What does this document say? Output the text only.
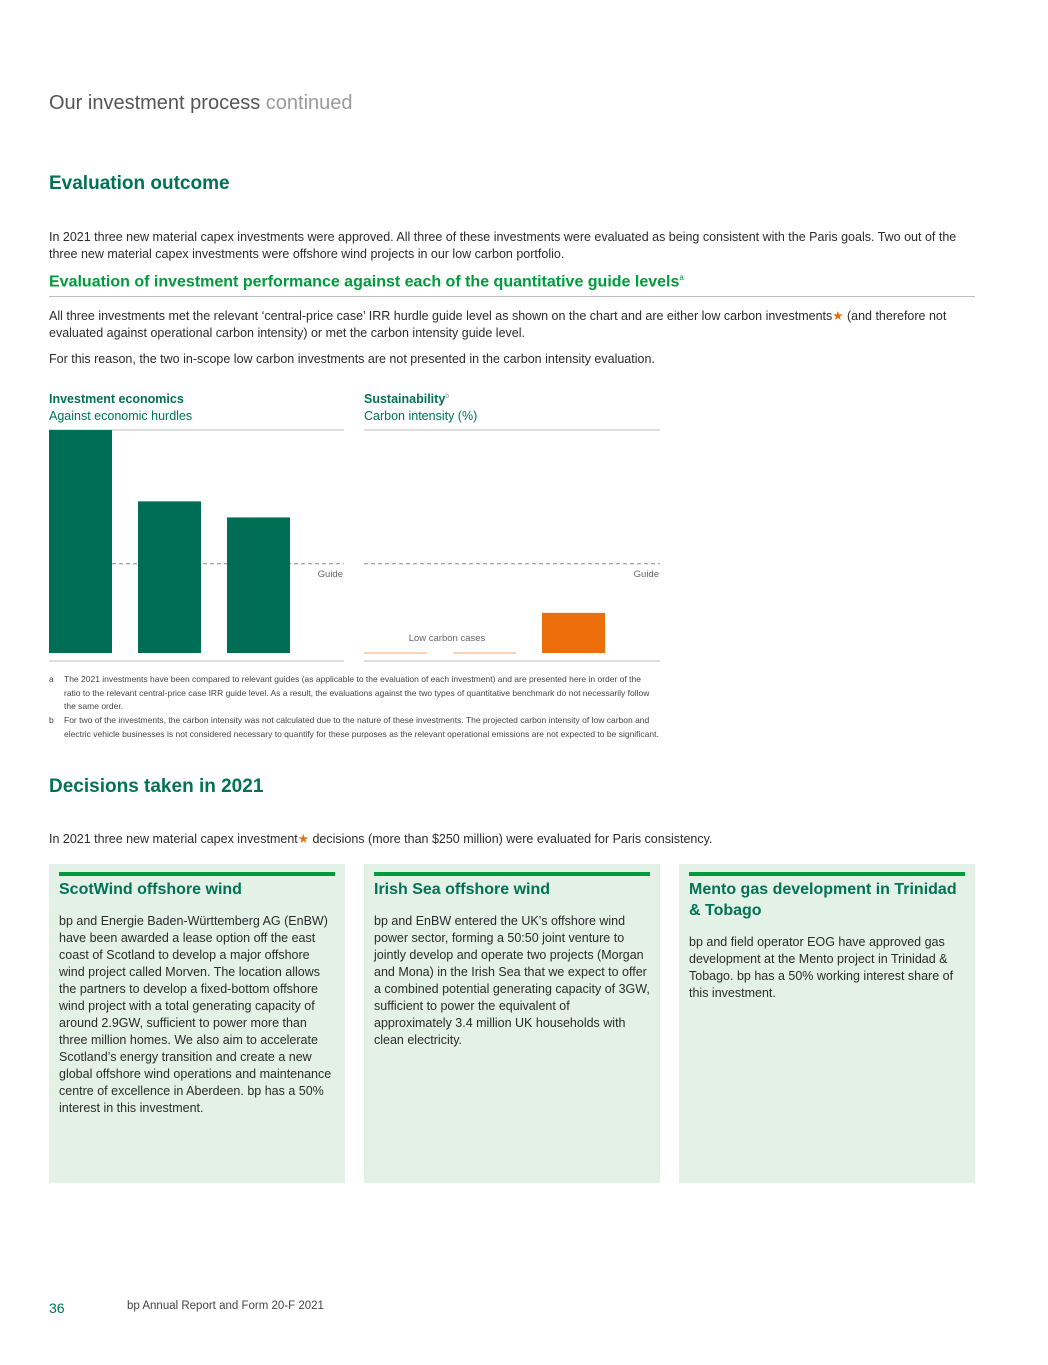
Our investment process continued
Evaluation outcome
In 2021 three new material capex investments were approved. All three of these investments were evaluated as being consistent with the Paris goals. Two out of the three new material capex investments were offshore wind projects in our low carbon portfolio.
Evaluation of investment performance against each of the quantitative guide levels$^a$
All three investments met the relevant ‘central-price case’ IRR hurdle guide level as shown on the chart and are either low carbon investments★ (and therefore not evaluated against operational carbon intensity) or met the carbon intensity guide level.
For this reason, the two in-scope low carbon investments are not presented in the carbon intensity evaluation.
Investment economics
Against economic hurdles
Sustainability$^b$
Carbon intensity (%)
Guide	Guide
Low carbon cases
a The 2021 investments have been compared to relevant guides (as applicable to the evaluation of each investment) and are presented here in order of the ratio to the relevant central-price case IRR guide level. As a result, the evaluations against the two types of quantitative benchmark do not necessarily follow the same order.
b For two of the investments, the carbon intensity was not calculated due to the nature of these investments. The projected carbon intensity of low carbon and electric vehicle businesses is not considered necessary to quantify for these purposes as the relevant operational emissions are not expected to be significant.
Decisions taken in 2021
In 2021 three new material capex investment★ decisions (more than $250 million) were evaluated for Paris consistency.
ScotWind offshore wind
bp and Energie Baden-Württemberg AG (EnBW) have been awarded a lease option off the east coast of Scotland to develop a major offshore wind project called Morven. The location allows the partners to develop a fixed-bottom offshore wind project with a total generating capacity of around 2.9GW, sufficient to power more than three million homes. We also aim to accelerate Scotland’s energy transition and create a new global offshore wind operations and maintenance centre of excellence in Aberdeen. bp has a 50% interest in this investment.
Irish Sea offshore wind
bp and EnBW entered the UK’s offshore wind power sector, forming a 50:50 joint venture to jointly develop and operate two projects (Morgan and Mona) in the Irish Sea that we expect to offer a combined potential generating capacity of 3GW, sufficient to power the equivalent of approximately 3.4 million UK households with clean electricity.
Mento gas development in Trinidad & Tobago
bp and field operator EOG have approved gas development at the Mento project in Trinidad & Tobago. bp has a 50% working interest share of this investment.
36	bp Annual Report and Form 20-F 2021
